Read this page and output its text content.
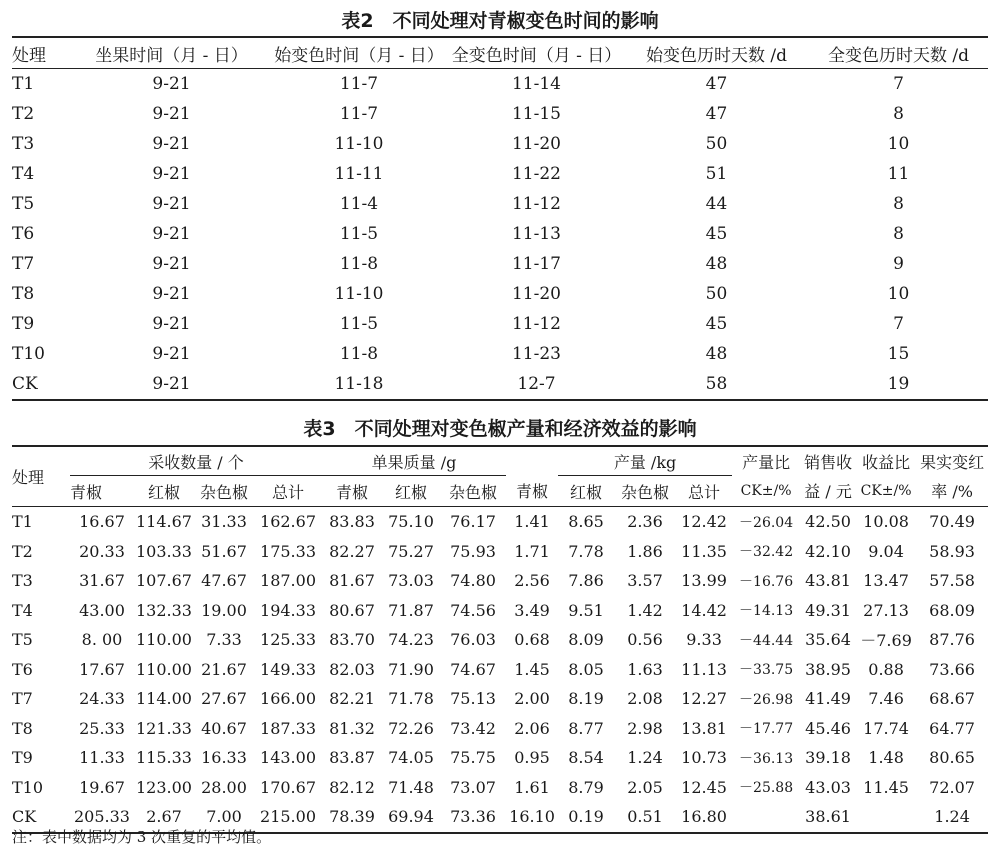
表2　不同处理对青椒变色时间的影响
处理	坐果时间（月 - 日）	始变色时间（月 - 日）	全变色时间（月 - 日）	始变色历时天数 /d	全变色历时天数 /d
T1	9-21	11-7	11-14	47	7
T2	9-21	11-7	11-15	47	8
T3	9-21	11-10	11-20	50	10
T4	9-21	11-11	11-22	51	11
T5	9-21	11-4	11-12	44	8
T6	9-21	11-5	11-13	45	8
T7	9-21	11-8	11-17	48	9
T8	9-21	11-10	11-20	50	10
T9	9-21	11-5	11-12	45	7
T10	9-21	11-8	11-23	48	15
CK	9-21	11-18	12-7	58	19
表3　不同处理对变色椒产量和经济效益的影响
处理	采收数量 / 个				单果质量 /g				产量 /kg			产量比	销售收	收益比	果实变红
	青椒	红椒	杂色椒	总计	青椒	红椒	杂色椒	青椒	红椒	杂色椒	总计	CK±/%	益 / 元	CK±/%	率 /%
T1	16.67	114.67	31.33	162.67	83.83	75.10	76.17	1.41	8.65	2.36	12.42	－26.04	42.50	10.08	70.49
T2	20.33	103.33	51.67	175.33	82.27	75.27	75.93	1.71	7.78	1.86	11.35	－32.42	42.10	9.04	58.93
T3	31.67	107.67	47.67	187.00	81.67	73.03	74.80	2.56	7.86	3.57	13.99	－16.76	43.81	13.47	57.58
T4	43.00	132.33	19.00	194.33	80.67	71.87	74.56	3.49	9.51	1.42	14.42	－14.13	49.31	27.13	68.09
T5	8. 00	110.00	7.33	125.33	83.70	74.23	76.03	0.68	8.09	0.56	9.33	－44.44	35.64	－7.69	87.76
T6	17.67	110.00	21.67	149.33	82.03	71.90	74.67	1.45	8.05	1.63	11.13	－33.75	38.95	0.88	73.66
T7	24.33	114.00	27.67	166.00	82.21	71.78	75.13	2.00	8.19	2.08	12.27	－26.98	41.49	7.46	68.67
T8	25.33	121.33	40.67	187.33	81.32	72.26	73.42	2.06	8.77	2.98	13.81	－17.77	45.46	17.74	64.77
T9	11.33	115.33	16.33	143.00	83.87	74.05	75.75	0.95	8.54	1.24	10.73	－36.13	39.18	1.48	80.65
T10	19.67	123.00	28.00	170.67	82.12	71.48	73.07	1.61	8.79	2.05	12.45	－25.88	43.03	11.45	72.07
CK	205.33	2.67	7.00	215.00	78.39	69.94	73.36	16.10	0.19	0.51	16.80		38.61		1.24
注：表中数据均为 3 次重复的平均值。
